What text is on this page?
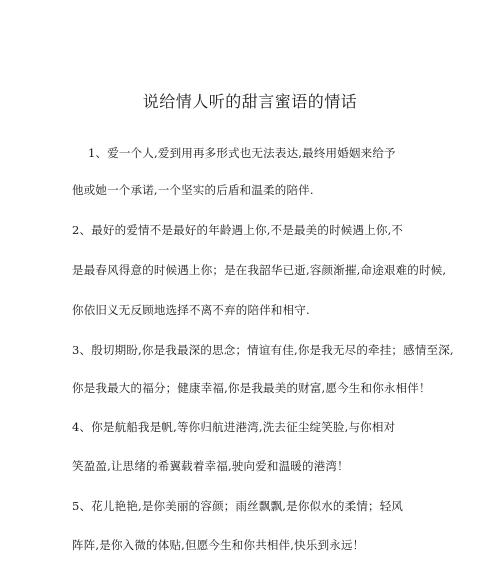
说给情人听的甜言蜜语的情话
1、爱一个人,爱到用再多形式也无法表达,最终用婚姻来给予
他或她一个承诺,一个坚实的后盾和温柔的陪伴.
2、最好的爱情不是最好的年龄遇上你,不是最美的时候遇上你,不
是最春风得意的时候遇上你；是在我韶华已逝,容颜渐摧,命途艰难的时候,
你依旧义无反顾地选择不离不弃的陪伴和相守.
3、殷切期盼,你是我最深的思念；情谊有佳,你是我无尽的牵挂；感情至深,
你是我最大的福分；健康幸福,你是我最美的财富,愿今生和你永相伴！
4、你是航船我是帆,等你归航进港湾,洗去征尘绽笑脸,与你相对
笑盈盈,让思绪的希翼载着幸福,驶向爱和温暖的港湾！
5、花儿艳艳,是你美丽的容颜；雨丝飘飘,是你似水的柔情；轻风
阵阵,是你入微的体贴,但愿今生和你共相伴,快乐到永远！
